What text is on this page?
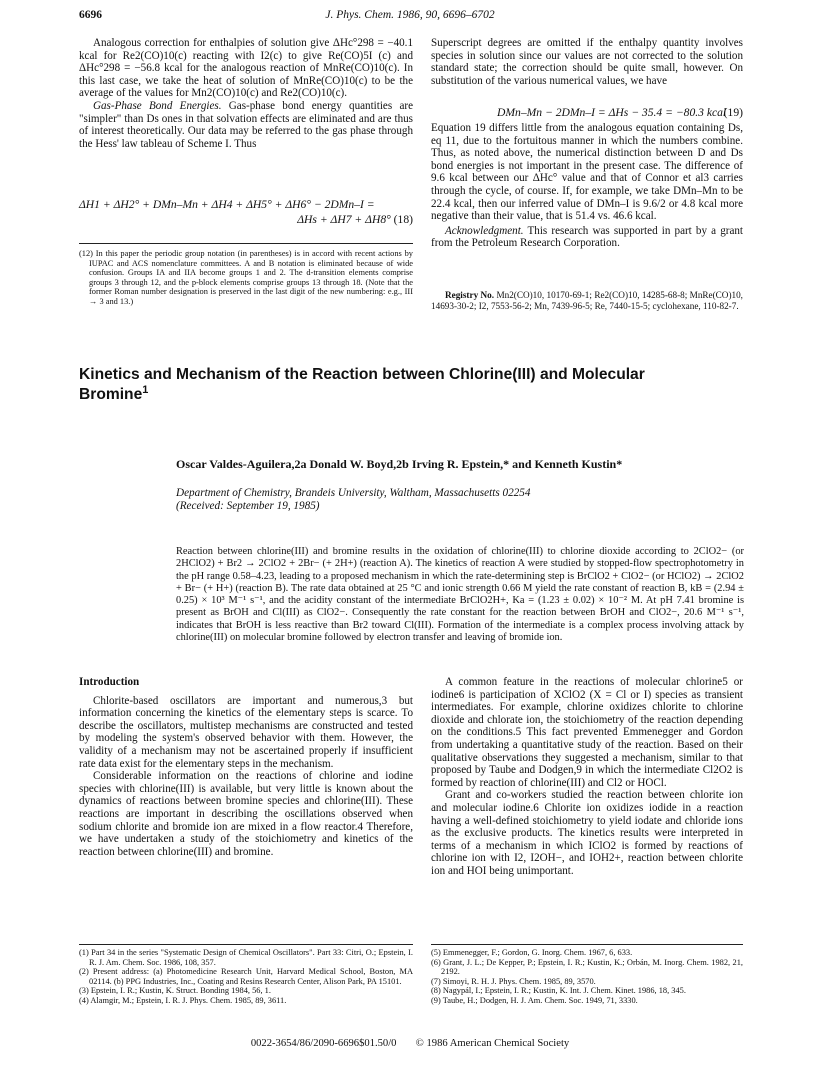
6696	J. Phys. Chem. 1986, 90, 6696–6702

Analogous correction for enthalpies of solution give ΔHc°298 = −40.1 kcal for Re2(CO)10(c) reacting with I2(c) to give Re(CO)5I (c) and ΔHc°298 = −56.8 kcal for the analogous reaction of MnRe(CO)10(c). In this last case, we take the heat of solution of MnRe(CO)10(c) to be the average of the values for Mn2(CO)10(c) and Re2(CO)10(c).

Gas-Phase Bond Energies. Gas-phase bond energy quantities are "simpler" than Ds ones in that solvation effects are eliminated and are thus of interest theoretically. Our data may be referred to the gas phase through the Hess' law tableau of Scheme I. Thus

ΔH1 + ΔH2° + DMn–Mn + ΔH4 + ΔH5° + ΔH6° − 2DMn–I =
ΔHs + ΔH7 + ΔH8° (18)

(12) In this paper the periodic group notation (in parentheses) is in accord with recent actions by IUPAC and ACS nomenclature committees. A and B notation is eliminated because of wide confusion. Groups IA and IIA become groups 1 and 2. The d-transition elements comprise groups 3 through 12, and the p-block elements comprise groups 13 through 18. (Note that the former Roman number designation is preserved in the last digit of the new numbering: e.g., III → 3 and 13.)

Superscript degrees are omitted if the enthalpy quantity involves species in solution since our values are not corrected to the solution standard state; the correction should be quite small, however. On substitution of the various numerical values, we have

DMn–Mn − 2DMn–I = ΔHs − 35.4 = −80.3 kcal
(19)

Equation 19 differs little from the analogous equation containing Ds, eq 11, due to the fortuitous manner in which the numbers combine. Thus, as noted above, the numerical distinction between D and Ds bond energies is not important in the present case. The difference of 9.6 kcal between our ΔHc° value and that of Connor et al3 carries through the cycle, of course. If, for example, we take DMn–Mn to be 22.4 kcal, then our inferred value of DMn–I is 9.6/2 or 4.8 kcal more negative than their value, that is 51.4 vs. 46.6 kcal.

Acknowledgment. This research was supported in part by a grant from the Petroleum Research Corporation.

Registry No. Mn2(CO)10, 10170-69-1; Re2(CO)10, 14285-68-8; MnRe(CO)10, 14693-30-2; I2, 7553-56-2; Mn, 7439-96-5; Re, 7440-15-5; cyclohexane, 110-82-7.

Kinetics and Mechanism of the Reaction between Chlorine(III) and Molecular
Bromine$^1$
Oscar Valdes-Aguilera,2a Donald W. Boyd,2b Irving R. Epstein,* and Kenneth Kustin*
Department of Chemistry, Brandeis University, Waltham, Massachusetts 02254
(Received: September 19, 1985)

Reaction between chlorine(III) and bromine results in the oxidation of chlorine(III) to chlorine dioxide according to 2ClO2− (or 2HClO2) + Br2 → 2ClO2 + 2Br− (+ 2H+) (reaction A). The kinetics of reaction A were studied by stopped-flow spectrophotometry in the pH range 0.58–4.23, leading to a proposed mechanism in which the rate-determining step is BrClO2 + ClO2− (or HClO2) → 2ClO2 + Br− (+ H+) (reaction B). The rate data obtained at 25 °C and ionic strength 0.66 M yield the rate constant of reaction B, kB = (2.94 ± 0.25) × 10³ M⁻¹ s⁻¹, and the acidity constant of the intermediate BrClO2H+, Ka = (1.23 ± 0.02) × 10⁻² M. At pH 7.41 bromine is present as BrOH and Cl(III) as ClO2−. Consequently the rate constant for the reaction between BrOH and ClO2−, 20.6 M⁻¹ s⁻¹, indicates that BrOH is less reactive than Br2 toward Cl(III). Formation of the intermediate is a complex process involving attack by chlorine(III) on molecular bromine followed by electron transfer and leaving of bromide ion.

Introduction

Chlorite-based oscillators are important and numerous,3 but information concerning the kinetics of the elementary steps is scarce. To describe the oscillators, multistep mechanisms are constructed and tested by modeling the system's observed behavior with them. However, the validity of a mechanism may not be ascertained properly if insufficient rate data exist for the elementary steps in the mechanism.

Considerable information on the reactions of chlorine and iodine species with chlorine(III) is available, but very little is known about the dynamics of reactions between bromine species and chlorine(III). These reactions are important in describing the oscillations observed when sodium chlorite and bromide ion are mixed in a flow reactor.4 Therefore, we have undertaken a study of the stoichiometry and kinetics of the reaction between chlorine(III) and bromine.

A common feature in the reactions of molecular chlorine5 or iodine6 is participation of XClO2 (X = Cl or I) species as transient intermediates. For example, chlorine oxidizes chlorite to chlorine dioxide and chlorate ion, the stoichiometry of the reaction depending on the conditions.5 This fact prevented Emmenegger and Gordon from undertaking a quantitative study of the reaction. Based on their qualitative observations they suggested a mechanism, similar to that proposed by Taube and Dodgen,9 in which the intermediate Cl2O2 is formed by reaction of chlorine(III) and Cl2 or HOCl.

Grant and co-workers studied the reaction between chlorite ion and molecular iodine.6 Chlorite ion oxidizes iodide in a reaction having a well-defined stoichiometry to yield iodate and chloride ions as the exclusive products. The kinetics results were interpreted in terms of a mechanism in which IClO2 is formed by reactions of chlorine ion with I2, I2OH−, and IOH2+, reaction between chlorite ion and HOI being unimportant.

(1) Part 34 in the series "Systematic Design of Chemical Oscillators". Part 33: Citri, O.; Epstein, I. R. J. Am. Chem. Soc. 1986, 108, 357.

(2) Present address: (a) Photomedicine Research Unit, Harvard Medical School, Boston, MA 02114. (b) PPG Industries, Inc., Coating and Resins Research Center, Alison Park, PA 15101.

(3) Epstein, I. R.; Kustin, K. Struct. Bonding 1984, 56, 1.

(4) Alamgir, M.; Epstein, I. R. J. Phys. Chem. 1985, 89, 3611.

(5) Emmenegger, F.; Gordon, G. Inorg. Chem. 1967, 6, 633.

(6) Grant, J. L.; De Kepper, P.; Epstein, I. R.; Kustin, K.; Orbán, M. Inorg. Chem. 1982, 21, 2192.

(7) Simoyi, R. H. J. Phys. Chem. 1985, 89, 3570.

(8) Nagypál, I.; Epstein, I. R.; Kustin, K. Int. J. Chem. Kinet. 1986, 18, 345.

(9) Taube, H.; Dodgen, H. J. Am. Chem. Soc. 1949, 71, 3330.

0022-3654/86/2090-6696$01.50/0 © 1986 American Chemical Society
